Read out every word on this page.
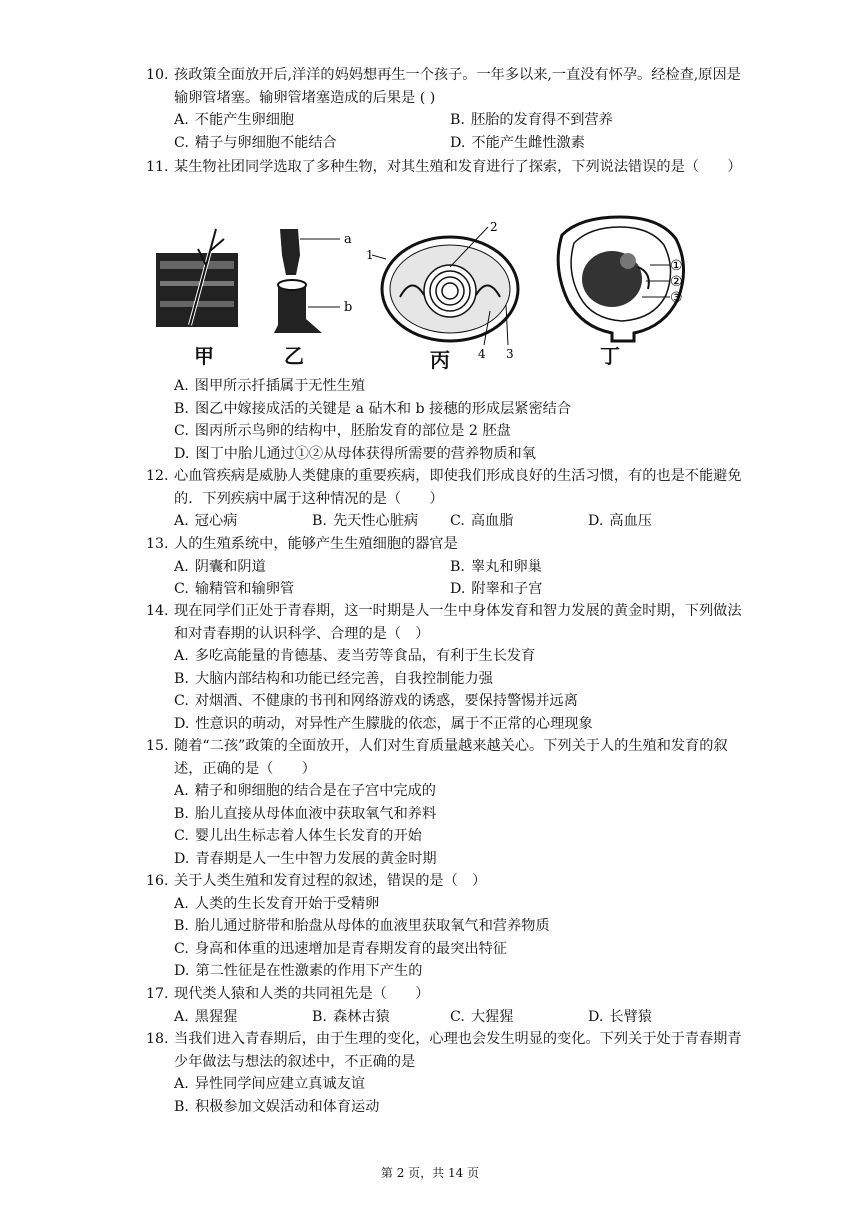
10. 孩政策全面放开后,洋洋的妈妈想再生一个孩子。一年多以来,一直没有怀孕。经检查,原因是输卵管堵塞。输卵管堵塞造成的后果是 ( )
A. 不能产生卵细胞	B. 胚胎的发育得不到营养
C. 精子与卵细胞不能结合	D. 不能产生雌性激素
11. 某生物社团同学选取了多种生物，对其生殖和发育进行了探索，下列说法错误的是（　　）
a
b
2
1
4 3
①
②
③
甲	乙	丙	丁
A. 图甲所示扦插属于无性生殖
B. 图乙中嫁接成活的关键是 a 砧木和 b 接穗的形成层紧密结合
C. 图丙所示鸟卵的结构中，胚胎发育的部位是 2 胚盘
D. 图丁中胎儿通过①②从母体获得所需要的营养物质和氧
12. 心血管疾病是威胁人类健康的重要疾病，即使我们形成良好的生活习惯，有的也是不能避免的．下列疾病中属于这种情况的是（　　）
A. 冠心病	B. 先天性心脏病	C. 高血脂	D. 高血压
13. 人的生殖系统中，能够产生生殖细胞的器官是
A. 阴囊和阴道	B. 睾丸和卵巢
C. 输精管和输卵管	D. 附睾和子宫
14. 现在同学们正处于青春期，这一时期是人一生中身体发育和智力发展的黄金时期，下列做法和对青春期的认识科学、合理的是（　）
A. 多吃高能量的肯德基、麦当劳等食品，有利于生长发育
B. 大脑内部结构和功能已经完善，自我控制能力强
C. 对烟酒、不健康的书刊和网络游戏的诱惑，要保持警惕并远离
D. 性意识的萌动，对异性产生朦胧的依恋，属于不正常的心理现象
15. 随着“二孩”政策的全面放开，人们对生育质量越来越关心。下列关于人的生殖和发育的叙述，正确的是（　　）
A. 精子和卵细胞的结合是在子宫中完成的
B. 胎儿直接从母体血液中获取氧气和养料
C. 婴儿出生标志着人体生长发育的开始
D. 青春期是人一生中智力发展的黄金时期
16. 关于人类生殖和发育过程的叙述，错误的是（　）
A. 人类的生长发育开始于受精卵
B. 胎儿通过脐带和胎盘从母体的血液里获取氧气和营养物质
C. 身高和体重的迅速增加是青春期发育的最突出特征
D. 第二性征是在性激素的作用下产生的
17. 现代类人猿和人类的共同祖先是（　　）
A. 黑猩猩	B. 森林古猿	C. 大猩猩	D. 长臂猿
18. 当我们进入青春期后，由于生理的变化，心理也会发生明显的变化。下列关于处于青春期青少年做法与想法的叙述中，不正确的是
A. 异性同学间应建立真诚友谊
B. 积极参加文娱活动和体育运动
第 2 页，共 14 页
